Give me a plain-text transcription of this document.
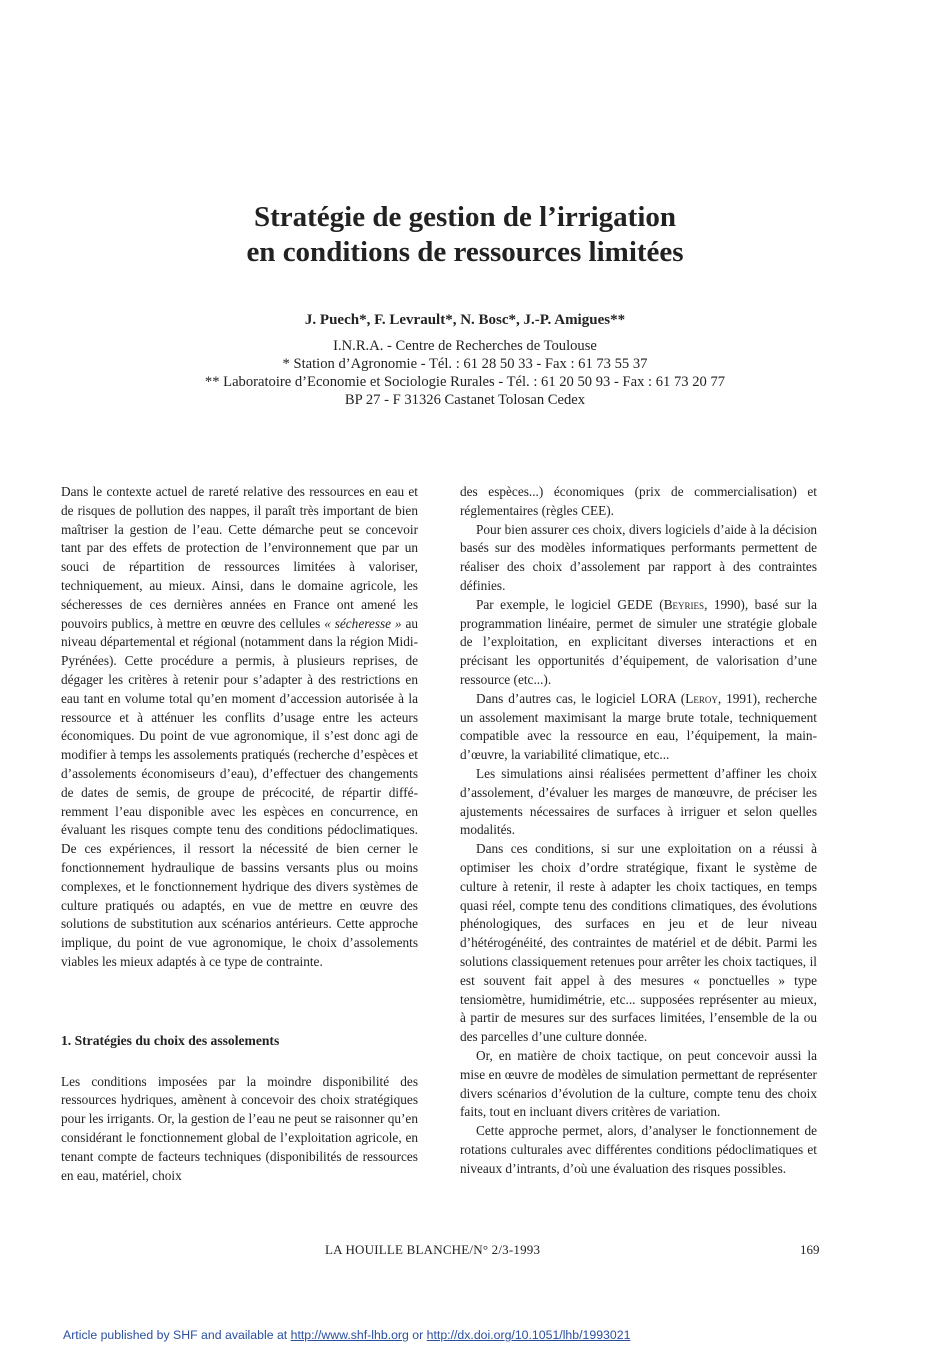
Stratégie de gestion de l’irrigation
en conditions de ressources limitées
J. Puech*, F. Levrault*, N. Bosc*, J.-P. Amigues**
I.N.R.A. - Centre de Recherches de Toulouse
* Station d’Agronomie - Tél. : 61 28 50 33 - Fax : 61 73 55 37
** Laboratoire d’Economie et Sociologie Rurales - Tél. : 61 20 50 93 - Fax : 61 73 20 77
BP 27 - F 31326 Castanet Tolosan Cedex

Dans le contexte actuel de rareté relative des ressources en eau et de risques de pollution des nappes, il paraît très important de bien maîtriser la gestion de l’eau. Cette démarche peut se concevoir tant par des effets de protection de l’environnement que par un souci de répartition de ressources limitées à valoriser, techniquement, au mieux. Ainsi, dans le domaine agricole, les sécheresses de ces dernières années en France ont amené les pouvoirs publics, à mettre en œuvre des cellules « sécheresse » au niveau départemental et régional (notamment dans la région Midi-Pyrénées). Cette procédure a permis, à plusieurs reprises, de dégager les critères à retenir pour s’adapter à des restrictions en eau tant en volume total qu’en moment d’accession autorisée à la ressource et à atténuer les conflits d’usage entre les acteurs économiques. Du point de vue agronomique, il s’est donc agi de modifier à temps les assolements pratiqués (recherche d’espèces et d’assolements économiseurs d’eau), d’effectuer des changements de dates de semis, de groupe de précocité, de répartir différemment l’eau disponible avec les espèces en concurrence, en évaluant les risques compte tenu des conditions pédoclimatiques. De ces expériences, il ressort la nécessité de bien cerner le fonctionnement hydraulique de bassins versants plus ou moins complexes, et le fonctionnement hydrique des divers systèmes de culture pratiqués ou adaptés, en vue de mettre en œuvre des solutions de substitution aux scénarios antérieurs. Cette approche implique, du point de vue agronomique, le choix d’assolements viables les mieux adaptés à ce type de contrainte.

1. Stratégies du choix des assolements

Les conditions imposées par la moindre disponibilité des ressources hydriques, amènent à concevoir des choix stratégiques pour les irrigants. Or, la gestion de l’eau ne peut se raisonner qu’en considérant le fonctionnement global de l’exploitation agricole, en tenant compte de facteurs techniques (disponibilités de ressources en eau, matériel, choix

des espèces...) économiques (prix de commercialisation) et réglementaires (règles CEE).

Pour bien assurer ces choix, divers logiciels d’aide à la décision basés sur des modèles informatiques performants permettent de réaliser des choix d’assolement par rapport à des contraintes définies.

Par exemple, le logiciel GEDE (Beyries, 1990), basé sur la programmation linéaire, permet de simuler une stratégie globale de l’exploitation, en explicitant diverses interactions et en précisant les opportunités d’équipement, de valorisation d’une ressource (etc...).

Dans d’autres cas, le logiciel LORA (Leroy, 1991), recherche un assolement maximisant la marge brute totale, techniquement compatible avec la ressource en eau, l’équipement, la main-d’œuvre, la variabilité climatique, etc...

Les simulations ainsi réalisées permettent d’affiner les choix d’assolement, d’évaluer les marges de manœuvre, de préciser les ajustements nécessaires de surfaces à irriguer et selon quelles modalités.

Dans ces conditions, si sur une exploitation on a réussi à optimiser les choix d’ordre stratégique, fixant le système de culture à retenir, il reste à adapter les choix tactiques, en temps quasi réel, compte tenu des conditions climatiques, des évolutions phénologiques, des surfaces en jeu et de leur niveau d’hétérogénéité, des contraintes de matériel et de débit. Parmi les solutions classiquement retenues pour arrêter les choix tactiques, il est souvent fait appel à des mesures « ponctuelles » type tensiomètre, humidimétrie, etc... supposées représenter au mieux, à partir de mesures sur des surfaces limitées, l’ensemble de la ou des parcelles d’une culture donnée.

Or, en matière de choix tactique, on peut concevoir aussi la mise en œuvre de modèles de simulation permettant de représenter divers scénarios d’évolution de la culture, compte tenu des choix faits, tout en incluant divers critères de variation.

Cette approche permet, alors, d’analyser le fonctionnement de rotations culturales avec différentes conditions pédoclimatiques et niveaux d’intrants, d’où une évaluation des risques possibles.

LA HOUILLE BLANCHE/N° 2/3-1993	169
Article published by SHF and available at http://www.shf-lhb.org or http://dx.doi.org/10.1051/lhb/1993021
